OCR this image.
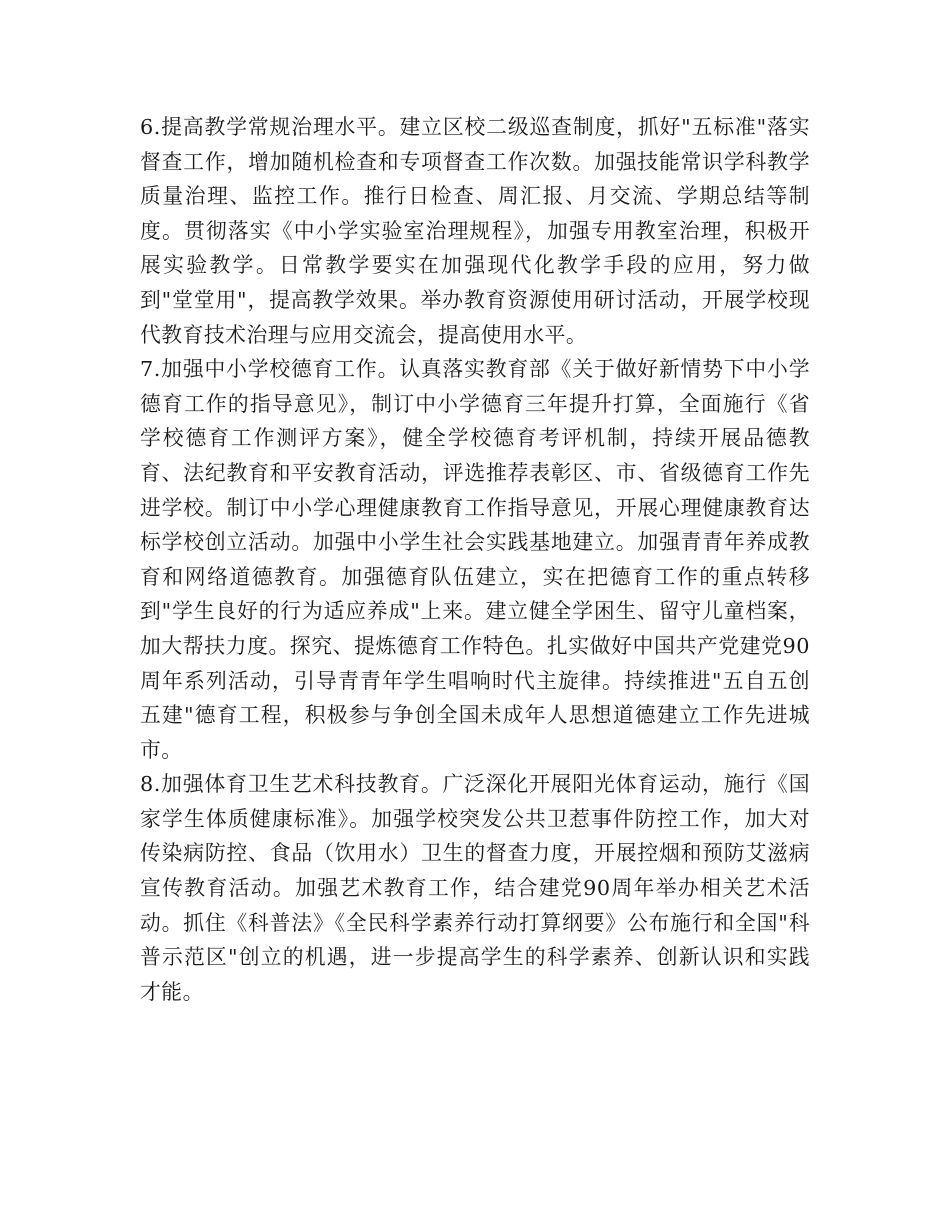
6.提高教学常规治理水平。建立区校二级巡查制度，抓好"五标准"落实督查工作，增加随机检查和专项督查工作次数。加强技能常识学科教学质量治理、监控工作。推行日检查、周汇报、月交流、学期总结等制度。贯彻落实《中小学实验室治理规程》，加强专用教室治理，积极开展实验教学。日常教学要实在加强现代化教学手段的应用，努力做到"堂堂用"，提高教学效果。举办教育资源使用研讨活动，开展学校现代教育技术治理与应用交流会，提高使用水平。

7.加强中小学校德育工作。认真落实教育部《关于做好新情势下中小学德育工作的指导意见》，制订中小学德育三年提升打算，全面施行《省学校德育工作测评方案》，健全学校德育考评机制，持续开展品德教育、法纪教育和平安教育活动，评选推荐表彰区、市、省级德育工作先进学校。制订中小学心理健康教育工作指导意见，开展心理健康教育达标学校创立活动。加强中小学生社会实践基地建立。加强青青年养成教育和网络道德教育。加强德育队伍建立，实在把德育工作的重点转移到"学生良好的行为适应养成"上来。建立健全学困生、留守儿童档案，加大帮扶力度。探究、提炼德育工作特色。扎实做好中国共产党建党90周年系列活动，引导青青年学生唱响时代主旋律。持续推进"五自五创五建"德育工程，积极参与争创全国未成年人思想道德建立工作先进城市。

8.加强体育卫生艺术科技教育。广泛深化开展阳光体育运动，施行《国家学生体质健康标准》。加强学校突发公共卫惹事件防控工作，加大对传染病防控、食品（饮用水）卫生的督查力度，开展控烟和预防艾滋病宣传教育活动。加强艺术教育工作，结合建党90周年举办相关艺术活动。抓住《科普法》《全民科学素养行动打算纲要》公布施行和全国"科普示范区"创立的机遇，进一步提高学生的科学素养、创新认识和实践才能。
